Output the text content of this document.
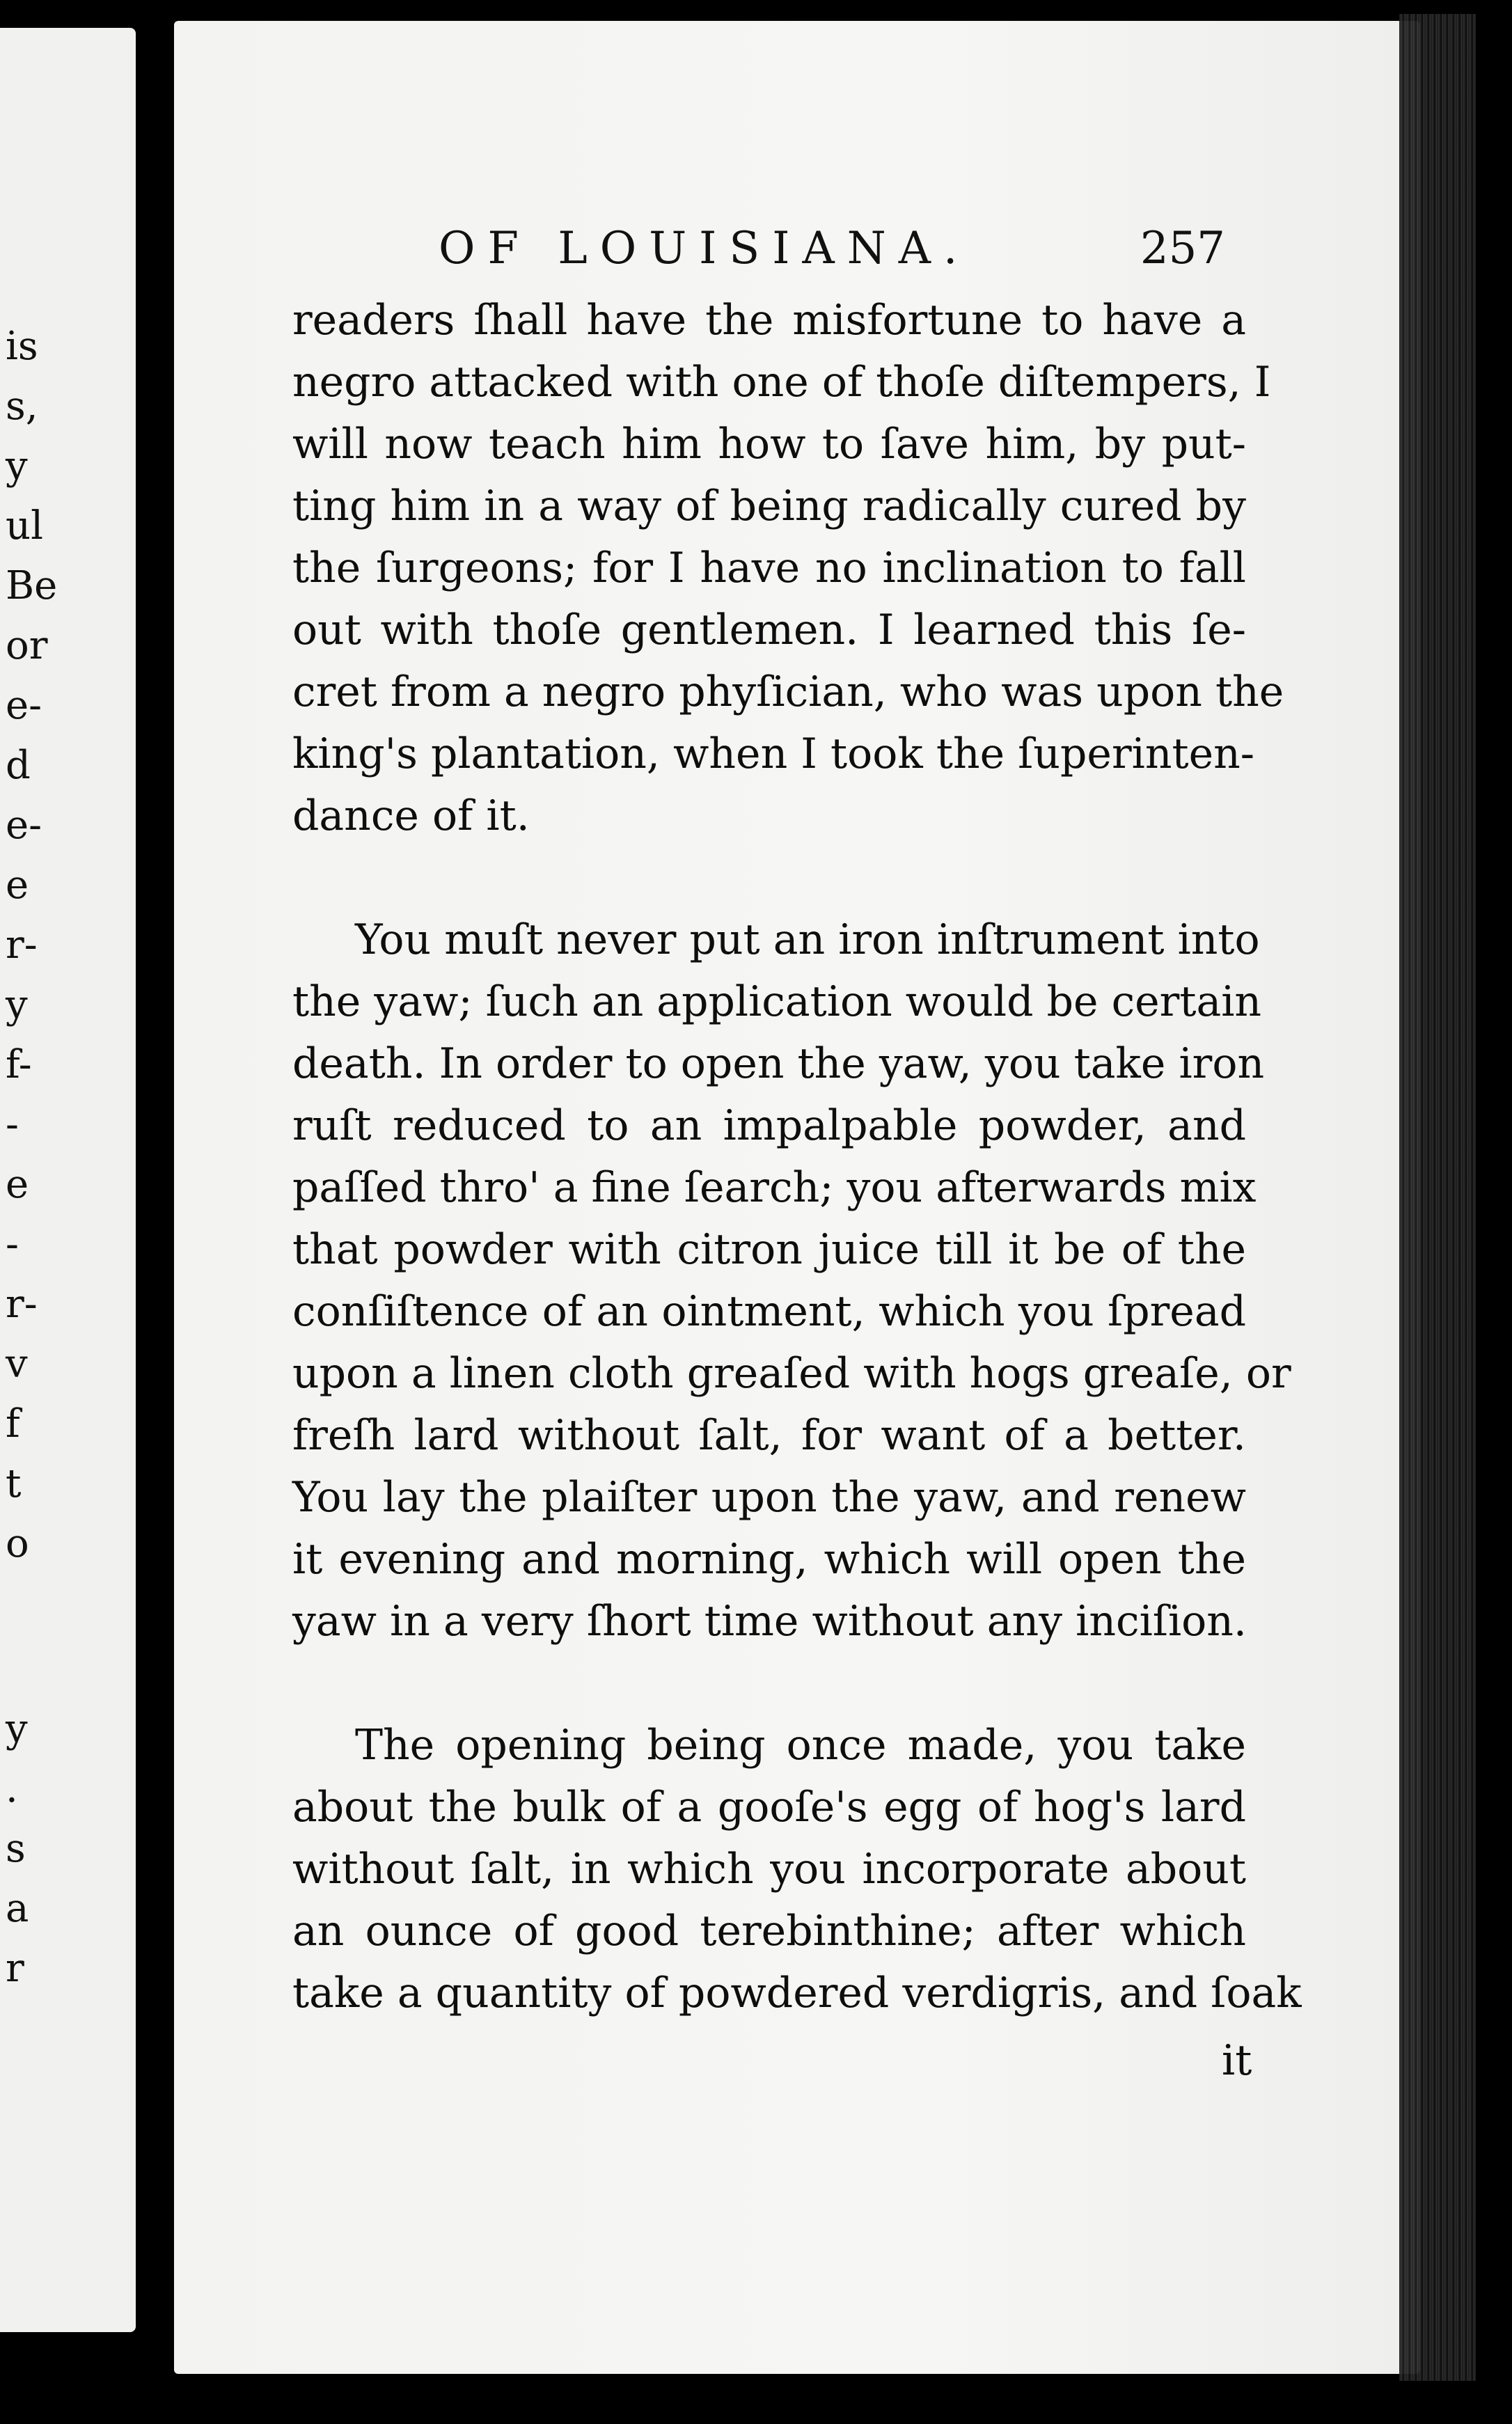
is
s,
y
ul
Be
or
e-
d
e-
e
r-
y
f-
-
e
-
r-
v
f
t
o
y
.
s
a
r
OF LOUISIANA.	257
readers ſhall have the misfortune to have a
negro attacked with one of thoſe diſtempers, I
will now teach him how to ſave him, by put-
ting him in a way of being radically cured by
the ſurgeons; for I have no inclination to fall
out with thoſe gentlemen. I learned this ſe-
cret from a negro phyſician, who was upon the
king's plantation, when I took the ſuperinten-
dance of it.
You muſt never put an iron inſtrument into
the yaw; ſuch an application would be certain
death. In order to open the yaw, you take iron
ruſt reduced to an impalpable powder, and
paſſed thro' a fine ſearch; you afterwards mix
that powder with citron juice till it be of the
conſiſtence of an ointment, which you ſpread
upon a linen cloth greaſed with hogs greaſe, or
freſh lard without ſalt, for want of a better.
You lay the plaiſter upon the yaw, and renew
it evening and morning, which will open the
yaw in a very ſhort time without any inciſion.
The opening being once made, you take
about the bulk of a gooſe's egg of hog's lard
without ſalt, in which you incorporate about
an ounce of good terebinthine; after which
take a quantity of powdered verdigris, and ſoak
it
